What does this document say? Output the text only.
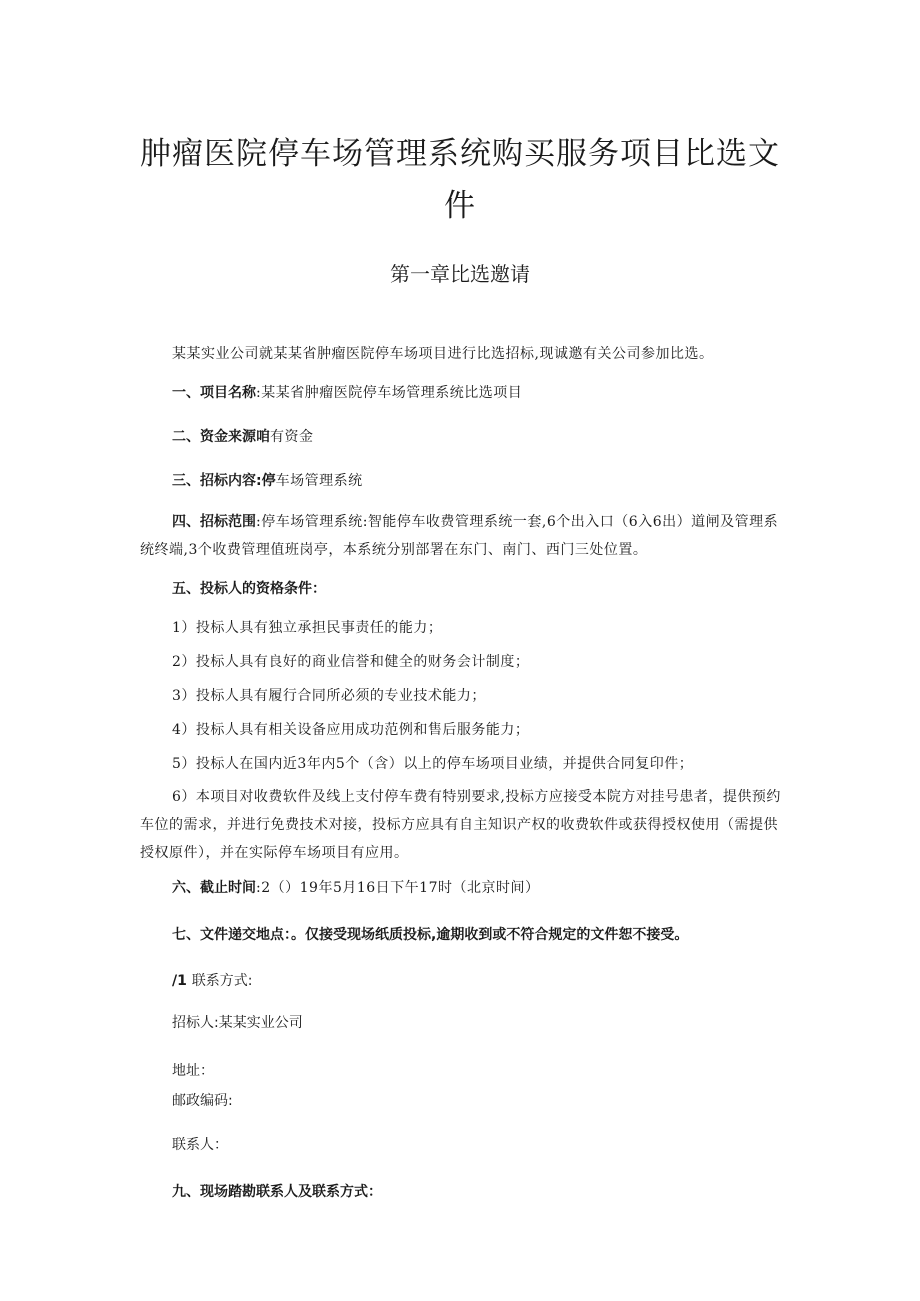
肿瘤医院停车场管理系统购买服务项目比选文件
第一章比选邀请

某某实业公司就某某省肿瘤医院停车场项目进行比选招标,现诚邀有关公司参加比选。

一、项目名称:某某省肿瘤医院停车场管理系统比选项目

二、资金来源咱有资金

三、招标内容:停车场管理系统

四、招标范围:停车场管理系统:智能停车收费管理系统一套,6个出入口（6入6出）道闸及管理系统终端,3个收费管理值班岗亭，本系统分别部署在东门、南门、西门三处位置。

五、投标人的资格条件：

1）投标人具有独立承担民事责任的能力；

2）投标人具有良好的商业信誉和健全的财务会计制度；

3）投标人具有履行合同所必须的专业技术能力；

4）投标人具有相关设备应用成功范例和售后服务能力；

5）投标人在国内近3年内5个（含）以上的停车场项目业绩，并提供合同复印件；

6）本项目对收费软件及线上支付停车费有特别要求,投标方应接受本院方对挂号患者，提供预约车位的需求，并进行免费技术对接，投标方应具有自主知识产权的收费软件或获得授权使用（需提供授权原件），并在实际停车场项目有应用。

六、截止时间:2（）19年5月16日下午17时（北京时间）

七、文件递交地点：。仅接受现场纸质投标,逾期收到或不符合规定的文件恕不接受。

/1 联系方式:

招标人:某某实业公司

地址：

邮政编码:

联系人：

九、现场踏勘联系人及联系方式：
